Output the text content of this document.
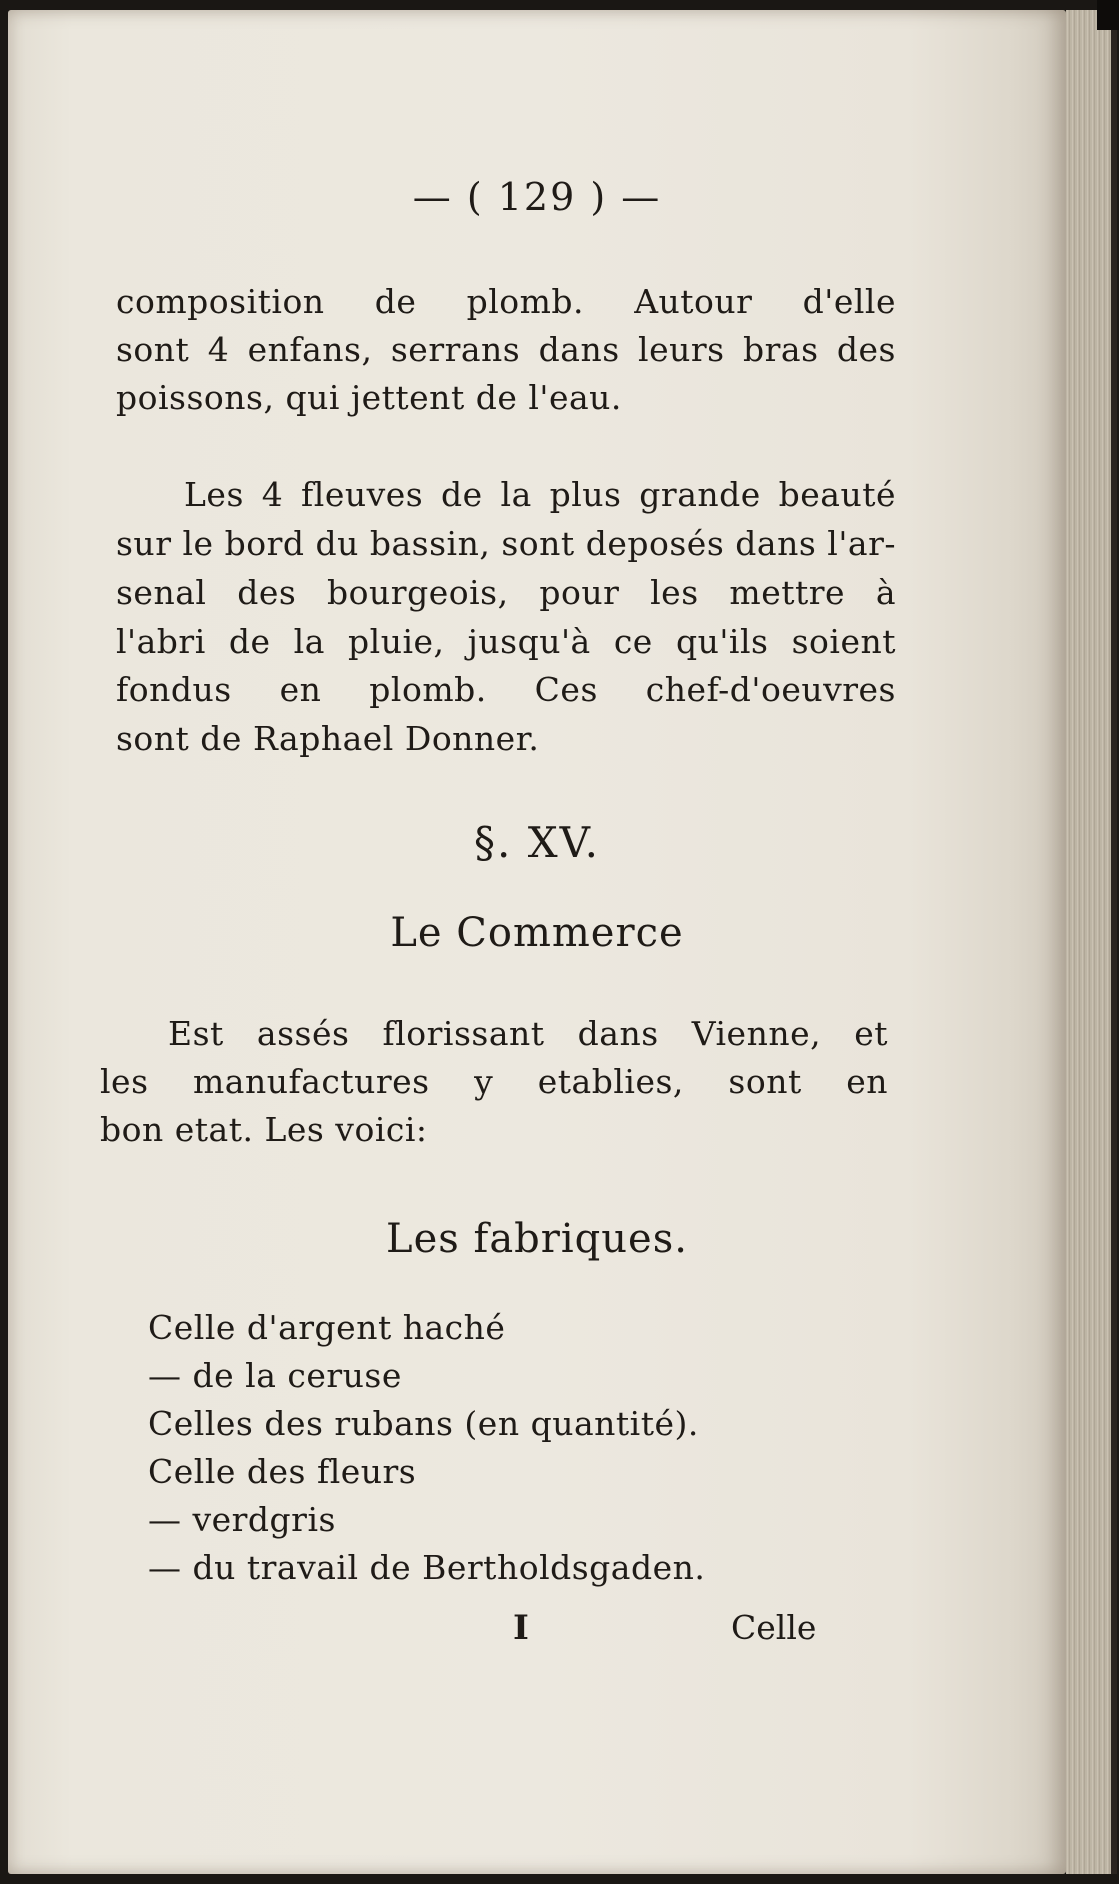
— ( 129 ) —
composition de plomb. Autour d'elle
sont 4 enfans, serrans dans leurs bras des
poissons, qui jettent de l'eau.
Les 4 fleuves de la plus grande beauté
sur le bord du bassin, sont deposés dans l'ar-
senal des bourgeois, pour les mettre à
l'abri de la pluie, jusqu'à ce qu'ils soient
fondus en plomb. Ces chef-d'oeuvres
sont de Raphael Donner.
§. XV.
Le Commerce
Est assés florissant dans Vienne, et
les manufactures y etablies, sont en
bon etat. Les voici:
Les fabriques.
Celle d'argent haché
— de la ceruse
Celles des rubans (en quantité).
Celle des fleurs
— verdgris
— du travail de Bertholdsgaden.
I	Celle
